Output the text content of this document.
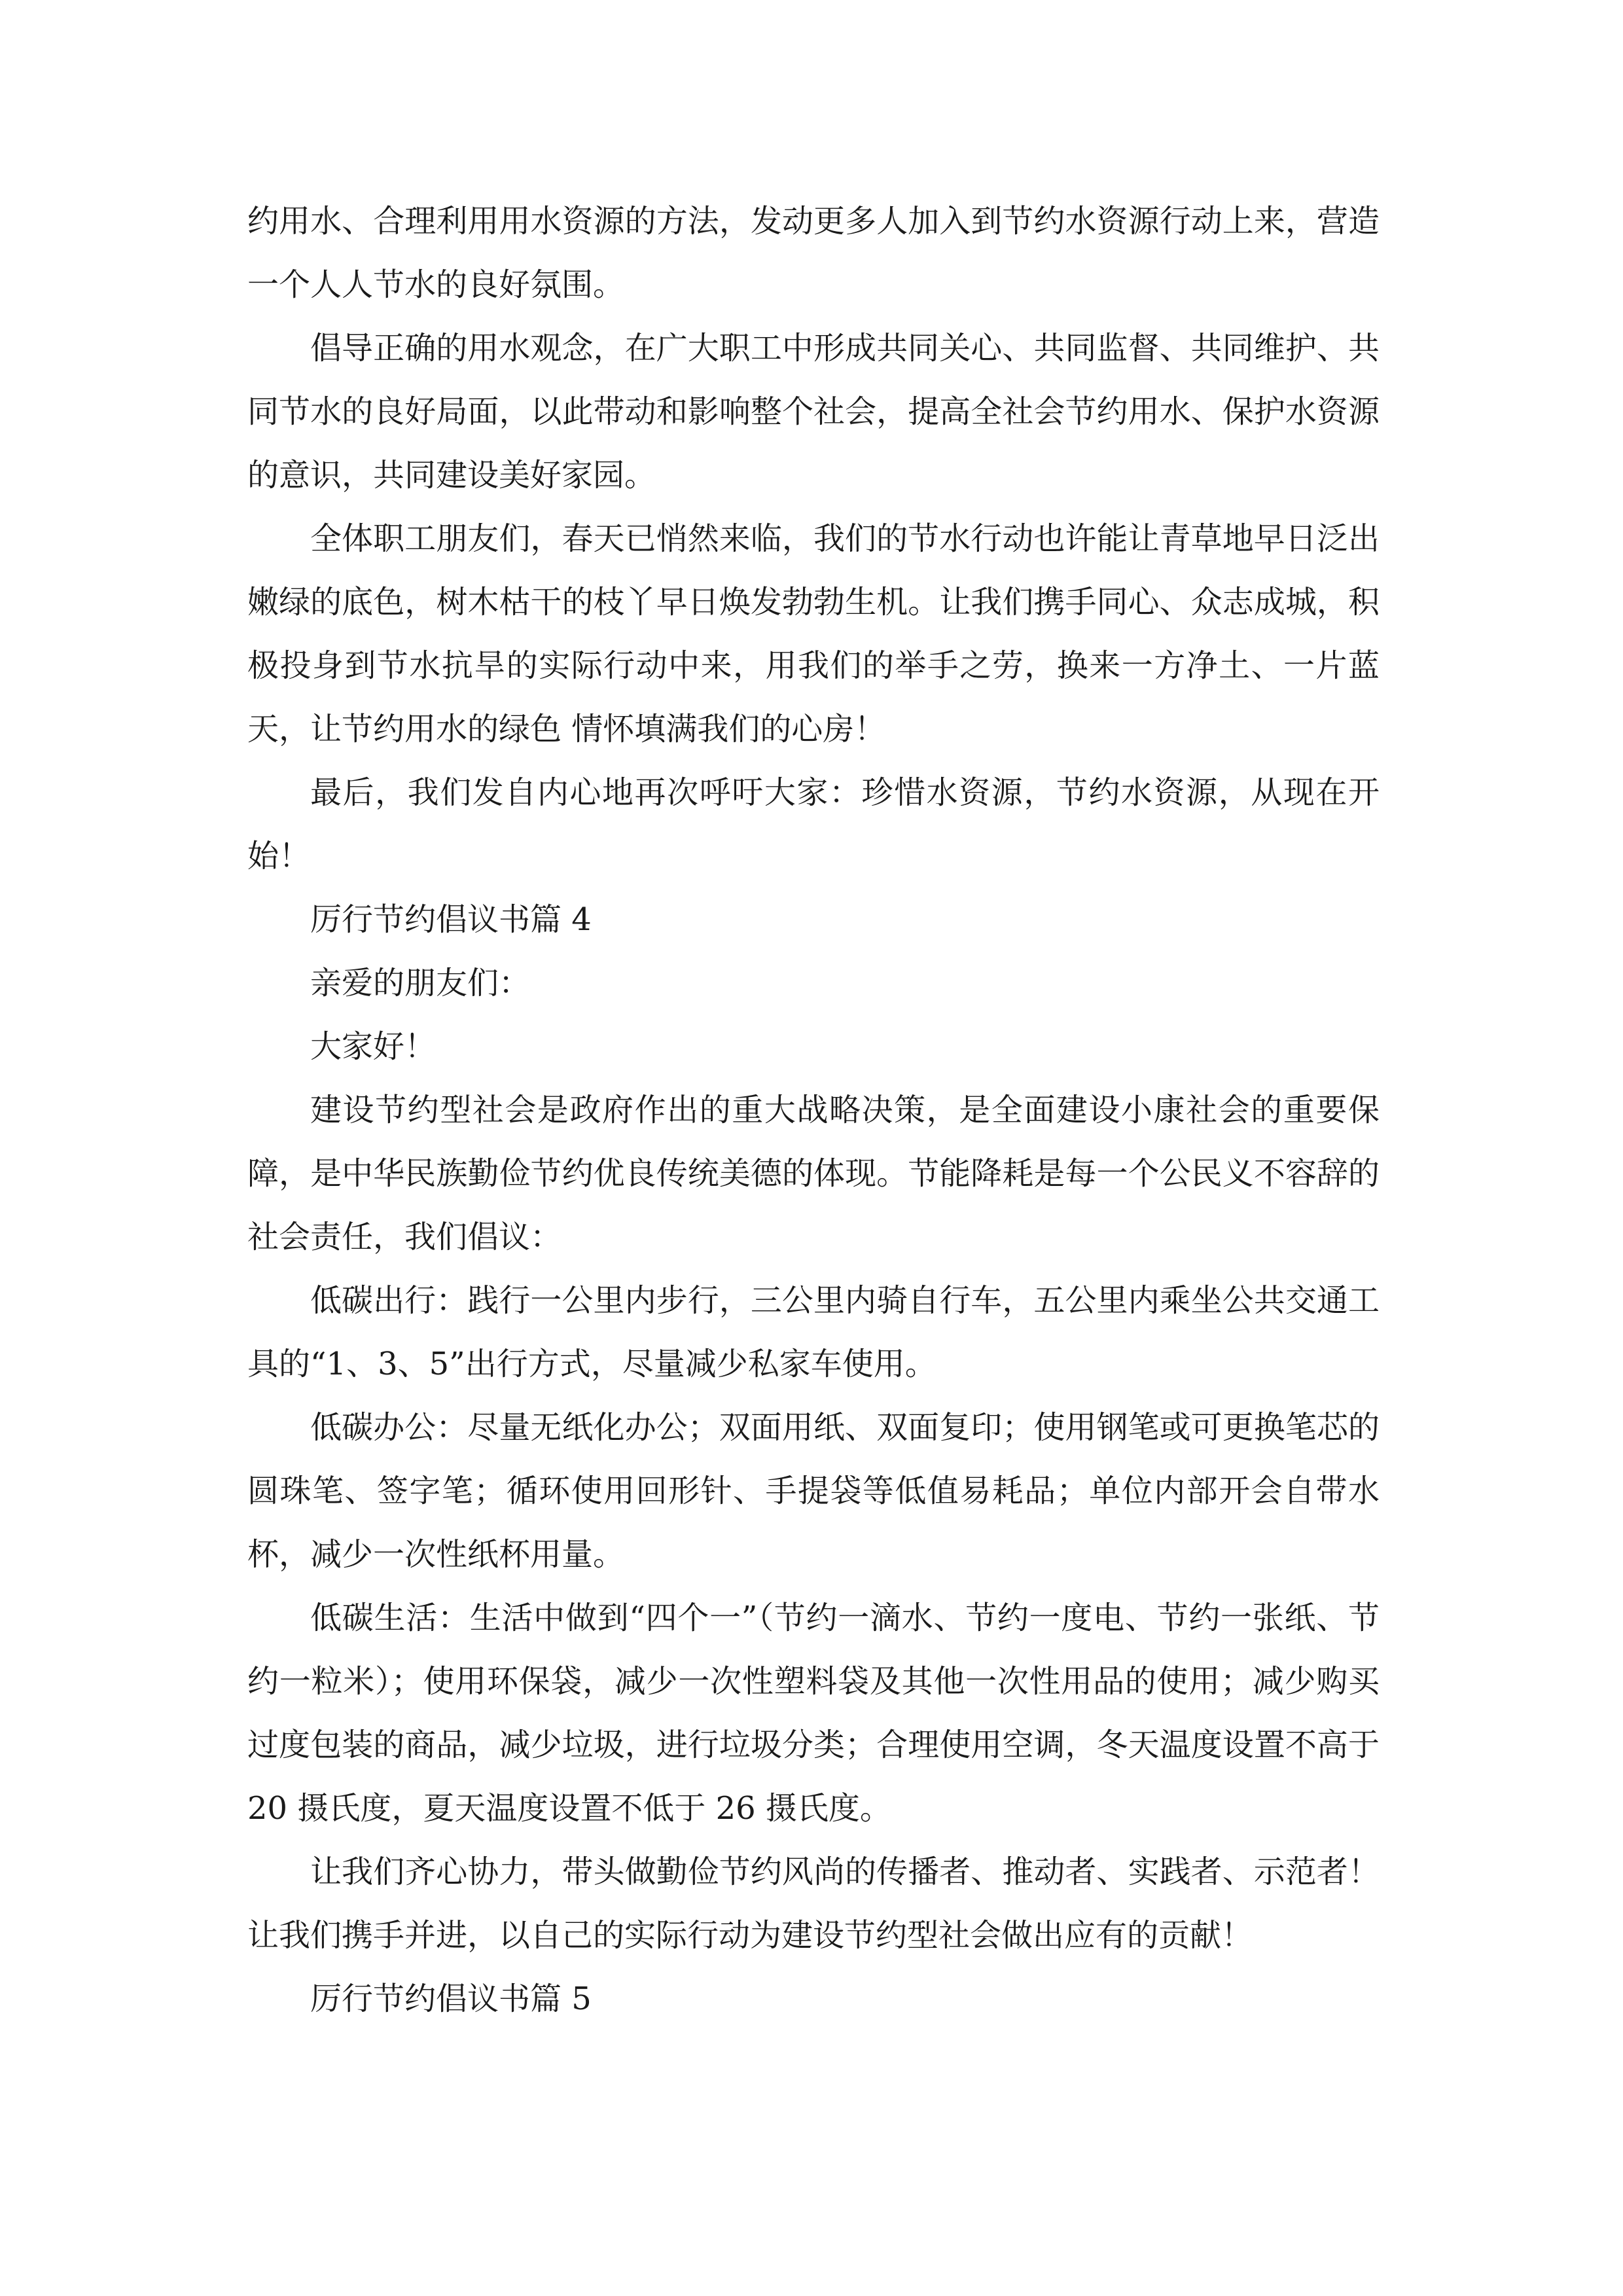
约用水、合理利用用水资源的方法，发动更多人加入到节约水资源行动上来，营造一个人人节水的良好氛围。

倡导正确的用水观念，在广大职工中形成共同关心、共同监督、共同维护、共同节水的良好局面，以此带动和影响整个社会，提高全社会节约用水、保护水资源的意识，共同建设美好家园。

全体职工朋友们，春天已悄然来临，我们的节水行动也许能让青草地早日泛出嫩绿的底色，树木枯干的枝丫早日焕发勃勃生机。让我们携手同心、众志成城，积极投身到节水抗旱的实际行动中来，用我们的举手之劳，换来一方净土、一片蓝天，让节约用水的绿色 情怀填满我们的心房！

最后，我们发自内心地再次呼吁大家：珍惜水资源，节约水资源，从现在开始！

厉行节约倡议书篇 4

亲爱的朋友们：

大家好！

建设节约型社会是政府作出的重大战略决策，是全面建设小康社会的重要保障，是中华民族勤俭节约优良传统美德的体现。节能降耗是每一个公民义不容辞的社会责任，我们倡议：

低碳出行：践行一公里内步行，三公里内骑自行车，五公里内乘坐公共交通工具的“1、3、5”出行方式，尽量减少私家车使用。

低碳办公：尽量无纸化办公；双面用纸、双面复印；使用钢笔或可更换笔芯的圆珠笔、签字笔；循环使用回形针、手提袋等低值易耗品；单位内部开会自带水杯，减少一次性纸杯用量。

低碳生活：生活中做到“四个一”（节约一滴水、节约一度电、节约一张纸、节约一粒米）；使用环保袋，减少一次性塑料袋及其他一次性用品的使用；减少购买过度包装的商品，减少垃圾，进行垃圾分类；合理使用空调，冬天温度设置不高于 20 摄氏度，夏天温度设置不低于 26 摄氏度。

让我们齐心协力，带头做勤俭节约风尚的传播者、推动者、实践者、示范者！让我们携手并进，以自己的实际行动为建设节约型社会做出应有的贡献！

厉行节约倡议书篇 5
